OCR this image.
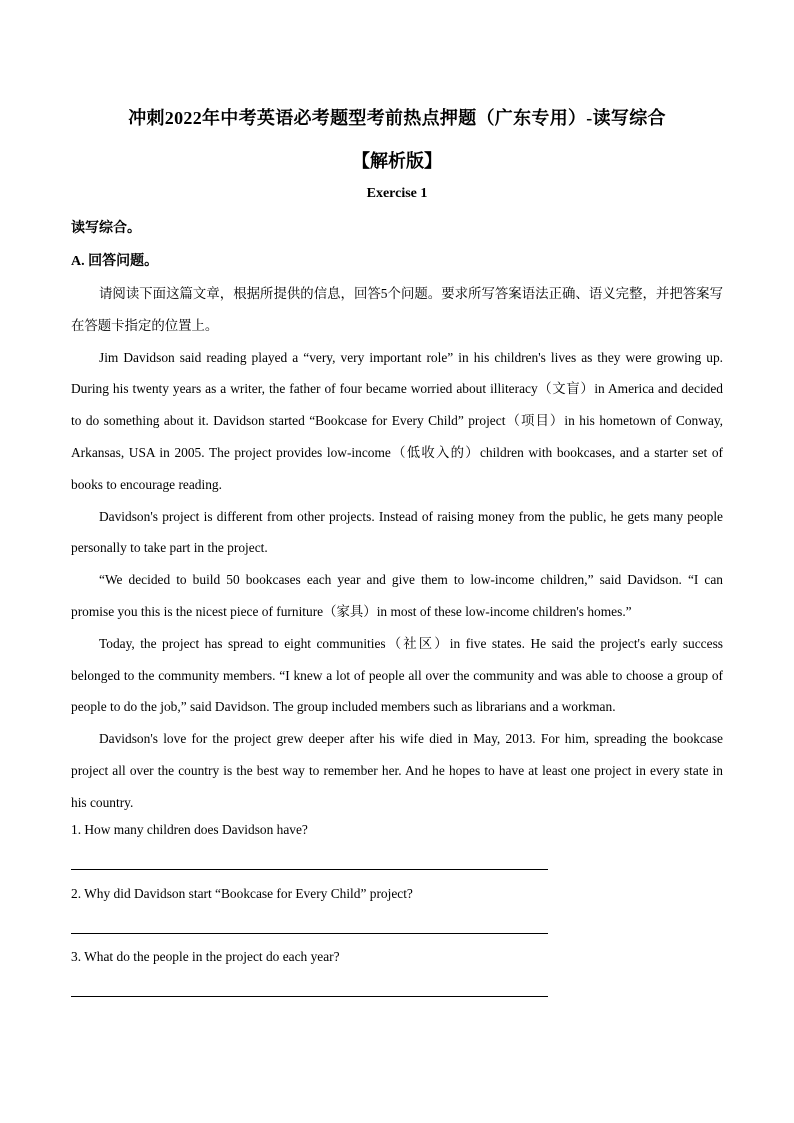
冲刺2022年中考英语必考题型考前热点押题（广东专用）-读写综合
【解析版】
Exercise 1
读写综合。
A. 回答问题。

请阅读下面这篇文章，根据所提供的信息，回答5个问题。要求所写答案语法正确、语义完整，并把答案写在答题卡指定的位置上。

Jim Davidson said reading played a “very, very important role” in his children's lives as they were growing up. During his twenty years as a writer, the father of four became worried about illiteracy（文盲）in America and decided to do something about it. Davidson started “Bookcase for Every Child” project（项目）in his hometown of Conway, Arkansas, USA in 2005. The project provides low-income（低收入的）children with bookcases, and a starter set of books to encourage reading.

Davidson's project is different from other projects. Instead of raising money from the public, he gets many people personally to take part in the project.

“We decided to build 50 bookcases each year and give them to low-income children,” said Davidson. “I can promise you this is the nicest piece of furniture（家具）in most of these low-income children's homes.”

Today, the project has spread to eight communities（社区）in five states. He said the project's early success belonged to the community members. “I knew a lot of people all over the community and was able to choose a group of people to do the job,” said Davidson. The group included members such as librarians and a workman.

Davidson's love for the project grew deeper after his wife died in May, 2013. For him, spreading the bookcase project all over the country is the best way to remember her. And he hopes to have at least one project in every state in his country.

1. How many children does Davidson have?
2. Why did Davidson start “Bookcase for Every Child” project?
3. What do the people in the project do each year?
